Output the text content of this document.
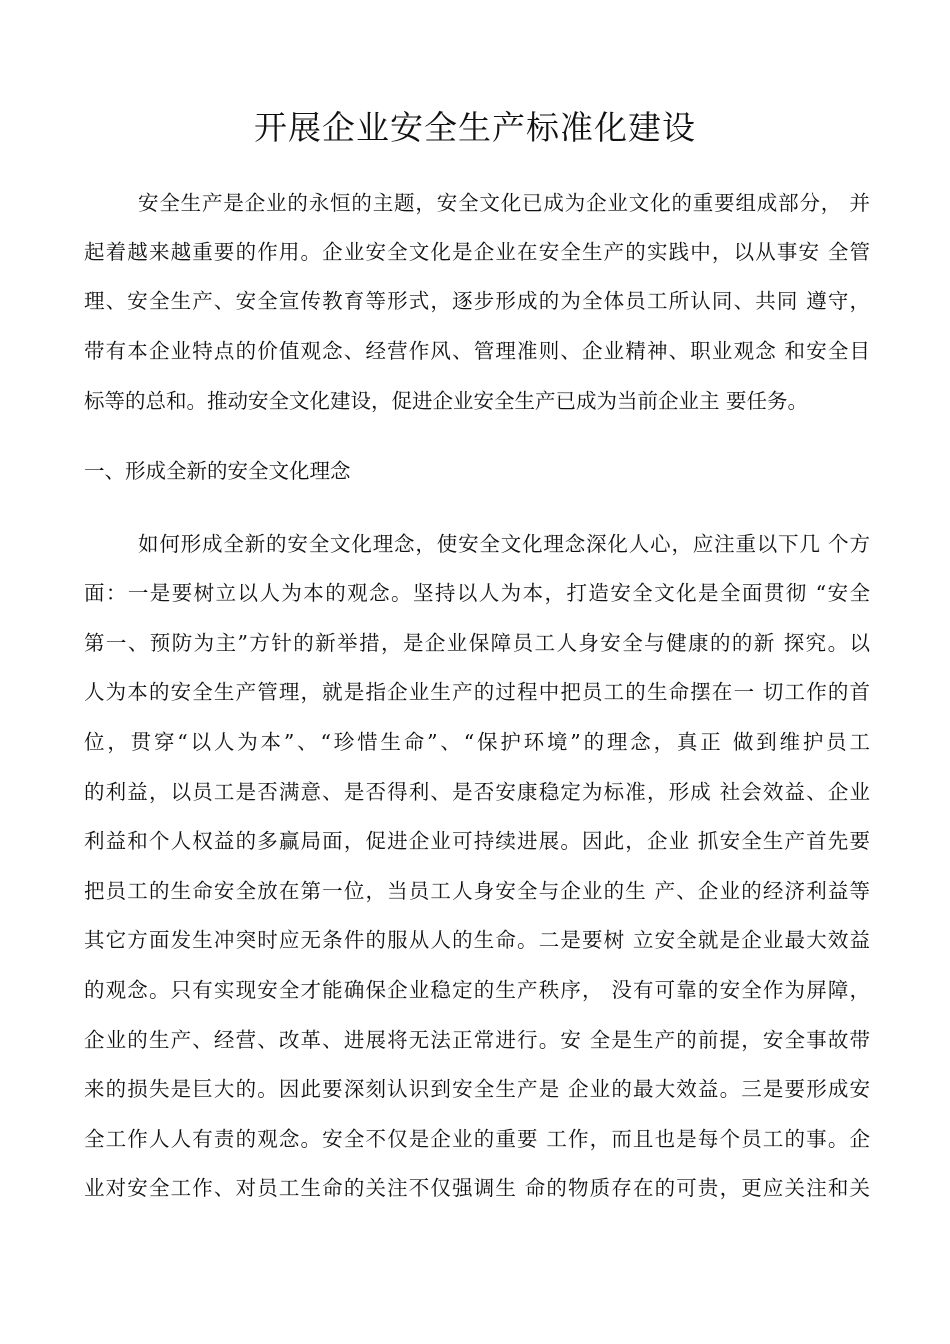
开展企业安全生产标准化建设

安全生产是企业的永恒的主题，安全文化已成为企业文化的重要组成部分， 并

起着越来越重要的作用。企业安全文化是企业在安全生产的实践中，以从事安 全管

理、安全生产、安全宣传教育等形式，逐步形成的为全体员工所认同、共同 遵守，

带有本企业特点的价值观念、经营作风、管理准则、企业精神、职业观念 和安全目

标等的总和。推动安全文化建设，促进企业安全生产已成为当前企业主 要任务。

一、形成全新的安全文化理念

如何形成全新的安全文化理念，使安全文化理念深化人心，应注重以下几 个方

面：一是要树立以人为本的观念。坚持以人为本，打造安全文化是全面贯彻 “安全

第一、预防为主”方针的新举措，是企业保障员工人身安全与健康的的新 探究。以

人为本的安全生产管理，就是指企业生产的过程中把员工的生命摆在一 切工作的首

位，贯穿“以人为本”、“珍惜生命”、“保护环境”的理念，真正 做到维护员工

的利益，以员工是否满意、是否得利、是否安康稳定为标准，形成 社会效益、企业

利益和个人权益的多赢局面，促进企业可持续进展。因此，企业 抓安全生产首先要

把员工的生命安全放在第一位，当员工人身安全与企业的生 产、企业的经济利益等

其它方面发生冲突时应无条件的服从人的生命。二是要树 立安全就是企业最大效益

的观念。只有实现安全才能确保企业稳定的生产秩序， 没有可靠的安全作为屏障，

企业的生产、经营、改革、进展将无法正常进行。安 全是生产的前提，安全事故带

来的损失是巨大的。因此要深刻认识到安全生产是 企业的最大效益。三是要形成安

全工作人人有责的观念。安全不仅是企业的重要 工作，而且也是每个员工的事。企

业对安全工作、对员工生命的关注不仅强调生 命的物质存在的可贵，更应关注和关
